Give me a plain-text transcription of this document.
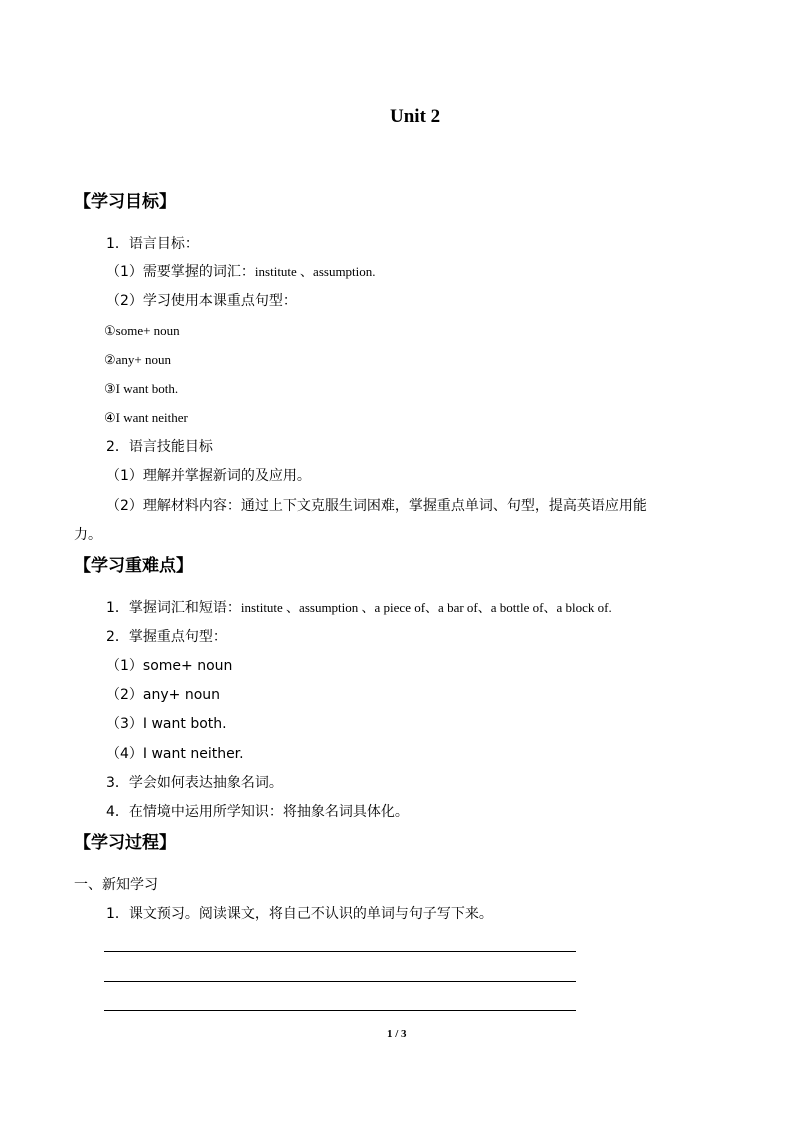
Unit 2
【学习目标】
1．语言目标：
（1）需要掌握的词汇：institute 、assumption.
（2）学习使用本课重点句型：
①some+ noun
②any+ noun
③I want both.
④I want neither
2．语言技能目标
（1）理解并掌握新词的及应用。
（2）理解材料内容：通过上下文克服生词困难，掌握重点单词、句型，提高英语应用能
力。
【学习重难点】
1．掌握词汇和短语：institute 、assumption 、a piece of、a bar of、a bottle of、a block of.
2．掌握重点句型：
（1）some+ noun
（2）any+ noun
（3）I want both.
（4）I want neither.
3．学会如何表达抽象名词。
4．在情境中运用所学知识：将抽象名词具体化。
【学习过程】
一、新知学习
1．课文预习。阅读课文，将自己不认识的单词与句子写下来。
1 / 3
